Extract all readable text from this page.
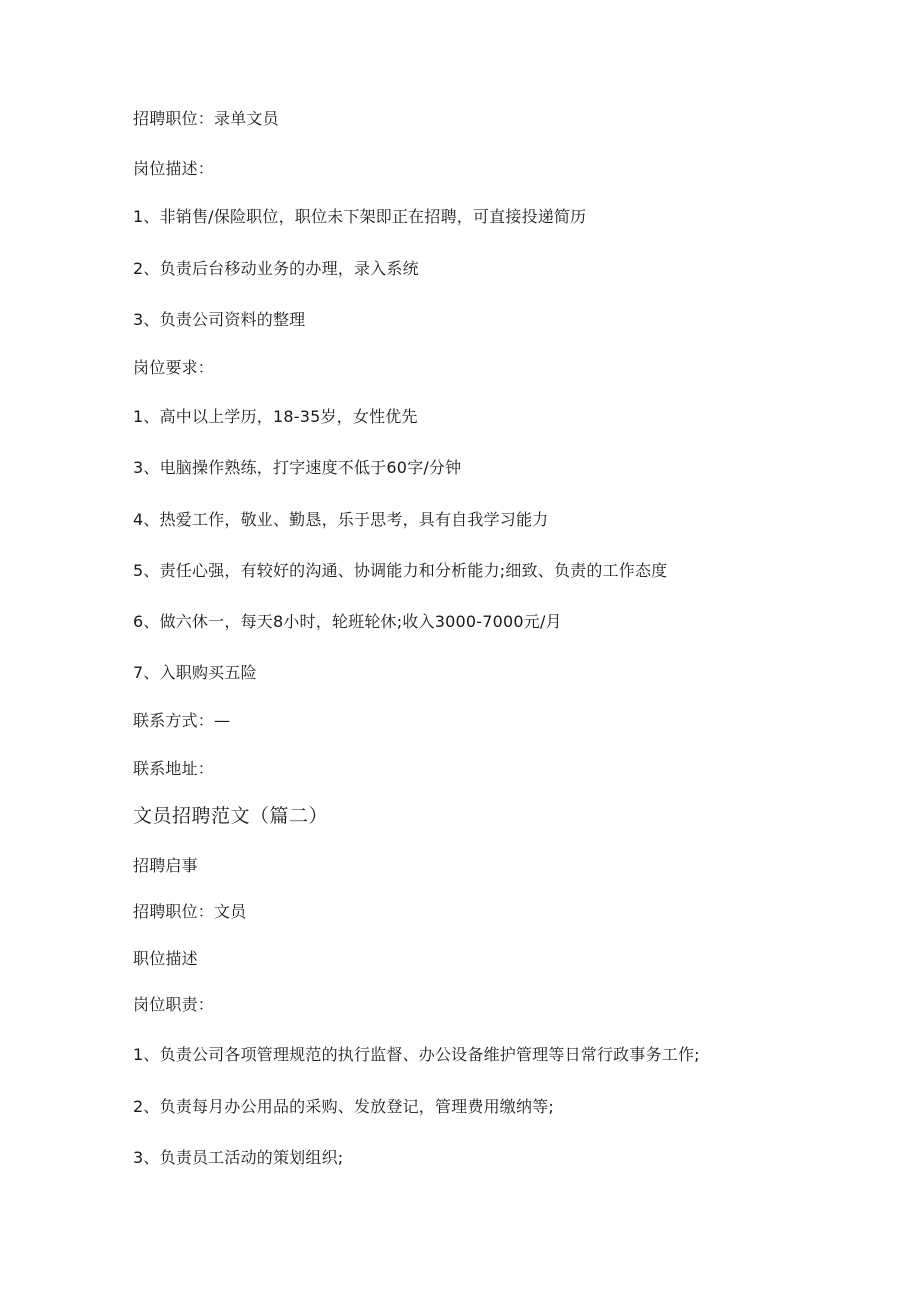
招聘职位：录单文员

岗位描述：

1、非销售/保险职位，职位未下架即正在招聘，可直接投递简历

2、负责后台移动业务的办理，录入系统

3、负责公司资料的整理

岗位要求：

1、高中以上学历，18-35岁，女性优先

3、电脑操作熟练，打字速度不低于60字/分钟

4、热爱工作，敬业、勤恳，乐于思考，具有自我学习能力

5、责任心强，有较好的沟通、协调能力和分析能力;细致、负责的工作态度

6、做六休一，每天8小时，轮班轮休;收入3000-7000元/月

7、入职购买五险

联系方式：—

联系地址：

文员招聘范文（篇二）

招聘启事

招聘职位：文员

职位描述

岗位职责：

1、负责公司各项管理规范的执行监督、办公设备维护管理等日常行政事务工作;

2、负责每月办公用品的采购、发放登记，管理费用缴纳等;

3、负责员工活动的策划组织;
